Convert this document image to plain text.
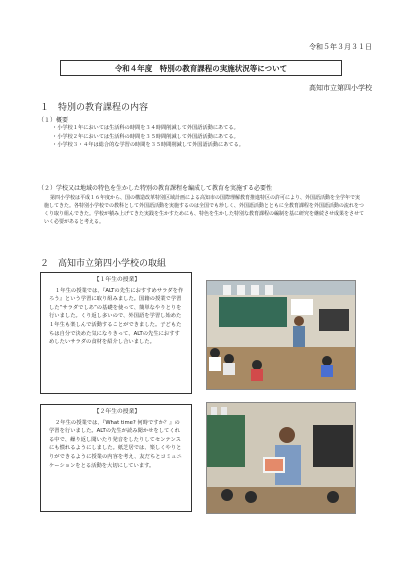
令和５年３月３１日
令和４年度　特別の教育課程の実施状況等について
高知市立第四小学校
１　特別の教育課程の内容
（１）概要
・小学校１年においては生活科の時間を３４時間削減して外国語活動にあてる。
・小学校２年においては生活科の時間を３５時間削減して外国語活動にあてる。
・小学校３・４年は総合的な学習の時間を３５時間削減して外国語活動にあてる。
（２）学校又は地域の特色を生かした特別の教育課程を編成して教育を実施する必要性
第四小学校は平成１６年度から、国の構造改革特別区域計画による高知市の国際理解教育推進特区の許可により、外国語活動を全学年で実施してきた。各特別小学校での教科として外国語活動を実施するのは全国でも珍しく、外国語活動とともに全教育課程を外国語活動の流れをつくり取り組んできた。学校が積み上げてきた実践を生かすためにも、特色を生かした特別な教育課程の編制を基に研究を継続させ成果をさせていく必要があると考える。
２　高知市立第四小学校の取組
【１年生の授業】
１年生の授業では、『ALTの先生におすすめサラダを作ろう』という学習に取り組みました。国籍の授業で学習した“サラダでしあ”の基礎を使って、簡単なやりとりを行いました。くり返し多いので、外国語を学習し始めた１年生も楽しんで活動することができました。子どもたちは自分で決めた気になりきって、ALTの先生におすすめしたいサラダの食材を紹介し合いました。
【２年生の授業】
２年生の授業では、『What time? 何時ですか？』の学習を行いました。ALTの先生が読み聞かせをしてくれる中で、繰り返し聞いたり発音をしたりしてセンテンスにも慣れるようにしました。紙芝居では、楽しくやりとりができるように授業の内容を考え、友だちとコミュニケーションをとる活動を大切にしています。
